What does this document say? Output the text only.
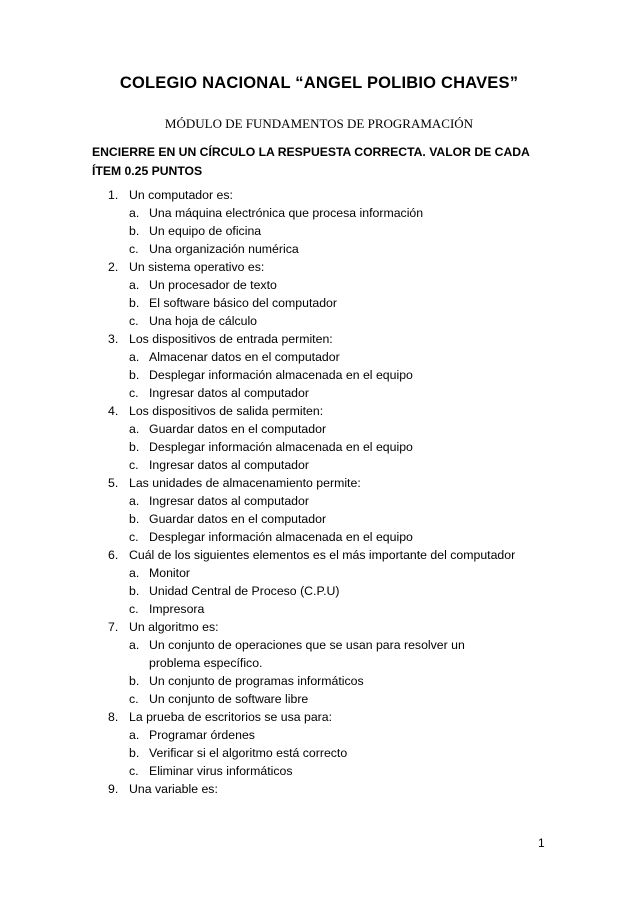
COLEGIO NACIONAL “ANGEL POLIBIO CHAVES”
MÓDULO DE FUNDAMENTOS DE PROGRAMACIÓN
ENCIERRE EN UN CÍRCULO LA RESPUESTA CORRECTA. VALOR DE CADA ÍTEM 0.25 PUNTOS
1. Un computador es:
a. Una máquina electrónica que procesa información
b. Un equipo de oficina
c. Una organización numérica
2. Un sistema operativo es:
a. Un procesador de texto
b. El software básico del computador
c. Una hoja de cálculo
3. Los dispositivos de entrada permiten:
a. Almacenar datos en el computador
b. Desplegar información almacenada en el equipo
c. Ingresar datos al computador
4. Los dispositivos de salida permiten:
a. Guardar datos en el computador
b. Desplegar información almacenada en el equipo
c. Ingresar datos al computador
5. Las unidades de almacenamiento permite:
a. Ingresar datos al computador
b. Guardar datos en el computador
c. Desplegar información almacenada en el equipo
6. Cuál de los siguientes elementos es el más importante del computador
a. Monitor
b. Unidad Central de Proceso (C.P.U)
c. Impresora
7. Un algoritmo es:
a. Un conjunto de operaciones que se usan para resolver un problema específico.
b. Un conjunto de programas informáticos
c. Un conjunto de software libre
8. La prueba de escritorios se usa para:
a. Programar órdenes
b. Verificar si el algoritmo está correcto
c. Eliminar virus informáticos
9. Una variable es:
1
